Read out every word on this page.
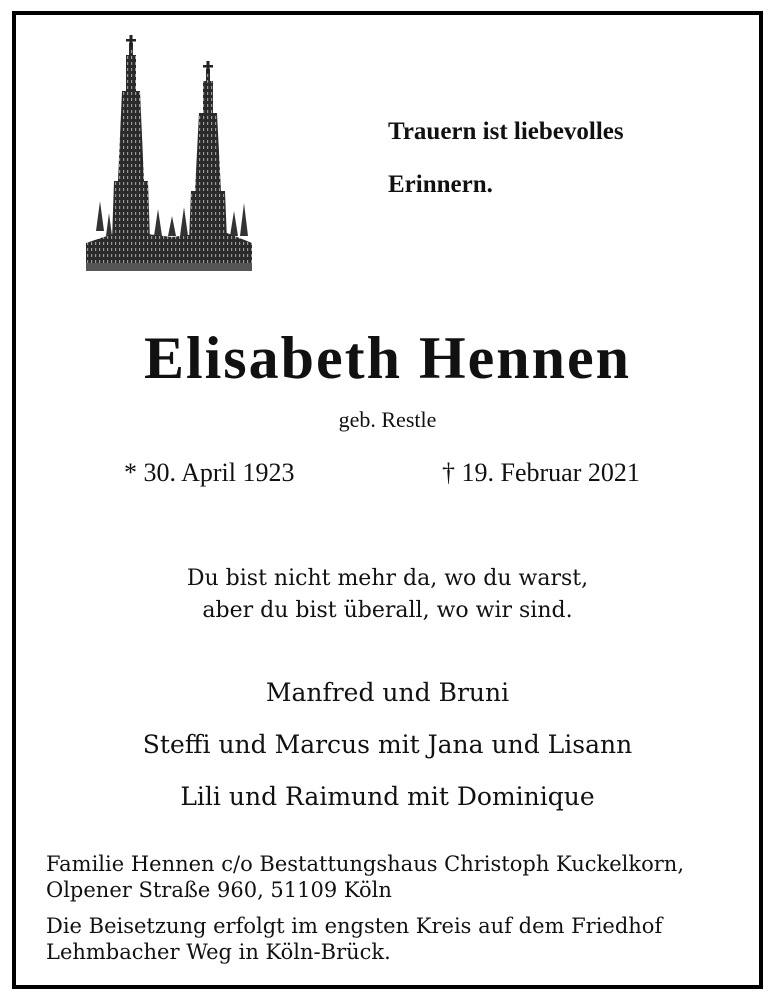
Trauern ist liebevolles
Erinnern.
Elisabeth Hennen
geb. Restle
* 30. April 1923	† 19. Februar 2021
Du bist nicht mehr da, wo du warst,
aber du bist überall, wo wir sind.
Manfred und Bruni
Steffi und Marcus mit Jana und Lisann
Lili und Raimund mit Dominique
Familie Hennen c/o Bestattungshaus Christoph Kuckelkorn,
Olpener Straße 960, 51109 Köln
Die Beisetzung erfolgt im engsten Kreis auf dem Friedhof
Lehmbacher Weg in Köln-Brück.
